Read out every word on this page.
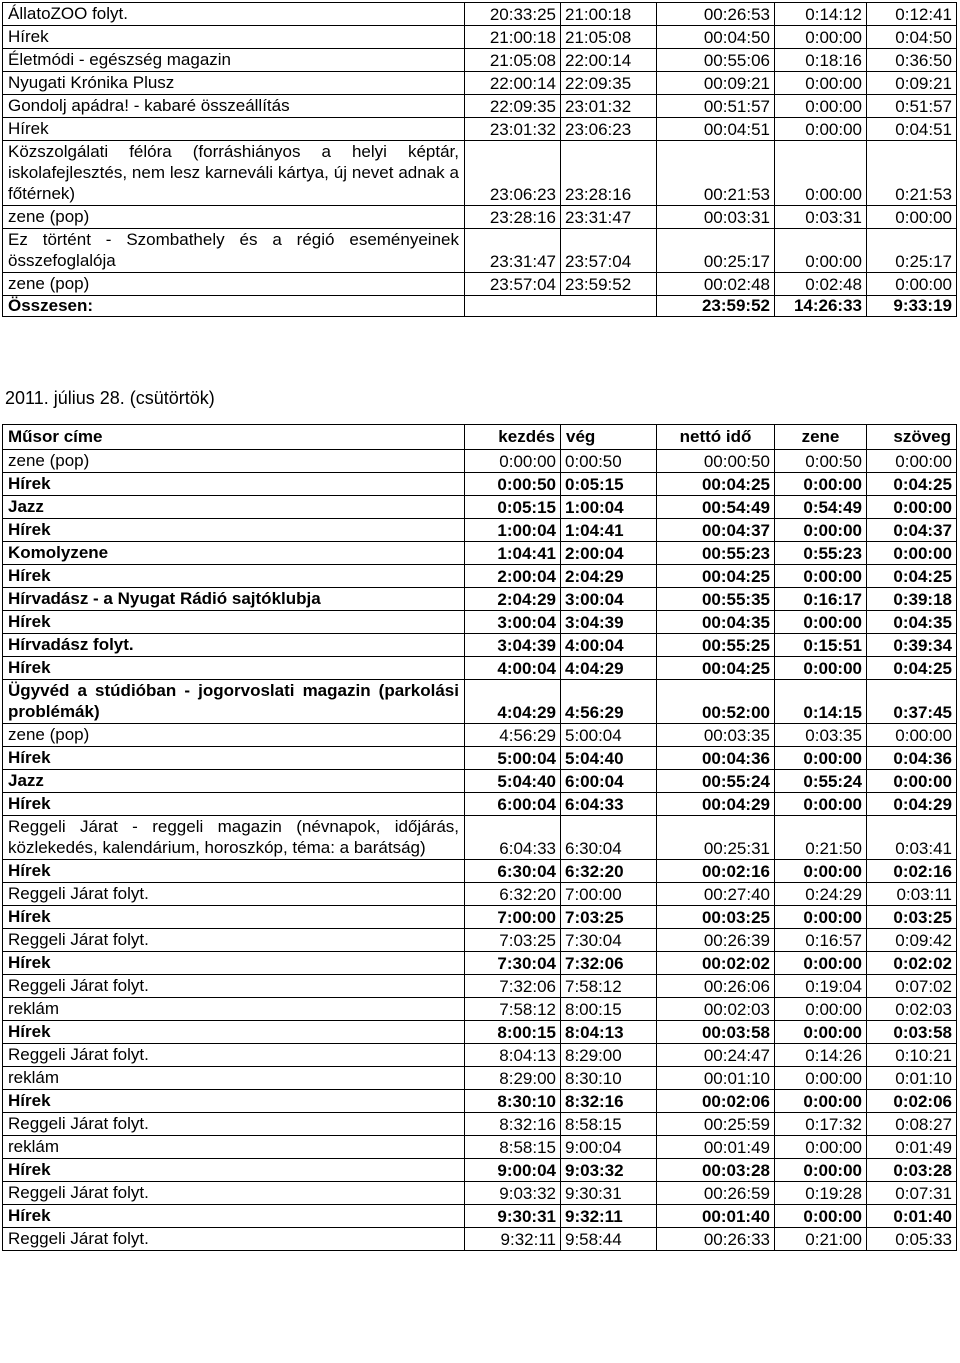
ÁllatoZOO folyt.	20:33:25	21:00:18	00:26:53	0:14:12	0:12:41
Hírek	21:00:18	21:05:08	00:04:50	0:00:00	0:04:50
Életmódi - egészség magazin	21:05:08	22:00:14	00:55:06	0:18:16	0:36:50
Nyugati Krónika Plusz	22:00:14	22:09:35	00:09:21	0:00:00	0:09:21
Gondolj apádra! - kabaré összeállítás	22:09:35	23:01:32	00:51:57	0:00:00	0:51:57
Hírek	23:01:32	23:06:23	00:04:51	0:00:00	0:04:51
Közszolgálati félóra (forráshiányos a helyi képtár, iskolafejlesztés, nem lesz karneváli kártya, új nevet adnak a főtérnek)	23:06:23	23:28:16	00:21:53	0:00:00	0:21:53
zene (pop)	23:28:16	23:31:47	00:03:31	0:03:31	0:00:00
Ez történt - Szombathely és a régió eseményeinek összefoglalója	23:31:47	23:57:04	00:25:17	0:00:00	0:25:17
zene (pop)	23:57:04	23:59:52	00:02:48	0:02:48	0:00:00
Összesen:			23:59:52	14:26:33	9:33:19
2011. július 28. (csütörtök)
Műsor címe	kezdés	vég	nettó idő	zene	szöveg
zene (pop)	0:00:00	0:00:50	00:00:50	0:00:50	0:00:00
Hírek	0:00:50	0:05:15	00:04:25	0:00:00	0:04:25
Jazz	0:05:15	1:00:04	00:54:49	0:54:49	0:00:00
Hírek	1:00:04	1:04:41	00:04:37	0:00:00	0:04:37
Komolyzene	1:04:41	2:00:04	00:55:23	0:55:23	0:00:00
Hírek	2:00:04	2:04:29	00:04:25	0:00:00	0:04:25
Hírvadász - a Nyugat Rádió sajtóklubja	2:04:29	3:00:04	00:55:35	0:16:17	0:39:18
Hírek	3:00:04	3:04:39	00:04:35	0:00:00	0:04:35
Hírvadász folyt.	3:04:39	4:00:04	00:55:25	0:15:51	0:39:34
Hírek	4:00:04	4:04:29	00:04:25	0:00:00	0:04:25
Ügyvéd a stúdióban - jogorvoslati magazin (parkolási problémák)	4:04:29	4:56:29	00:52:00	0:14:15	0:37:45
zene (pop)	4:56:29	5:00:04	00:03:35	0:03:35	0:00:00
Hírek	5:00:04	5:04:40	00:04:36	0:00:00	0:04:36
Jazz	5:04:40	6:00:04	00:55:24	0:55:24	0:00:00
Hírek	6:00:04	6:04:33	00:04:29	0:00:00	0:04:29
Reggeli Járat - reggeli magazin (névnapok, időjárás, közlekedés, kalendárium, horoszkóp, téma: a barátság)	6:04:33	6:30:04	00:25:31	0:21:50	0:03:41
Hírek	6:30:04	6:32:20	00:02:16	0:00:00	0:02:16
Reggeli Járat folyt.	6:32:20	7:00:00	00:27:40	0:24:29	0:03:11
Hírek	7:00:00	7:03:25	00:03:25	0:00:00	0:03:25
Reggeli Járat folyt.	7:03:25	7:30:04	00:26:39	0:16:57	0:09:42
Hírek	7:30:04	7:32:06	00:02:02	0:00:00	0:02:02
Reggeli Járat folyt.	7:32:06	7:58:12	00:26:06	0:19:04	0:07:02
reklám	7:58:12	8:00:15	00:02:03	0:00:00	0:02:03
Hírek	8:00:15	8:04:13	00:03:58	0:00:00	0:03:58
Reggeli Járat folyt.	8:04:13	8:29:00	00:24:47	0:14:26	0:10:21
reklám	8:29:00	8:30:10	00:01:10	0:00:00	0:01:10
Hírek	8:30:10	8:32:16	00:02:06	0:00:00	0:02:06
Reggeli Járat folyt.	8:32:16	8:58:15	00:25:59	0:17:32	0:08:27
reklám	8:58:15	9:00:04	00:01:49	0:00:00	0:01:49
Hírek	9:00:04	9:03:32	00:03:28	0:00:00	0:03:28
Reggeli Járat folyt.	9:03:32	9:30:31	00:26:59	0:19:28	0:07:31
Hírek	9:30:31	9:32:11	00:01:40	0:00:00	0:01:40
Reggeli Járat folyt.	9:32:11	9:58:44	00:26:33	0:21:00	0:05:33
